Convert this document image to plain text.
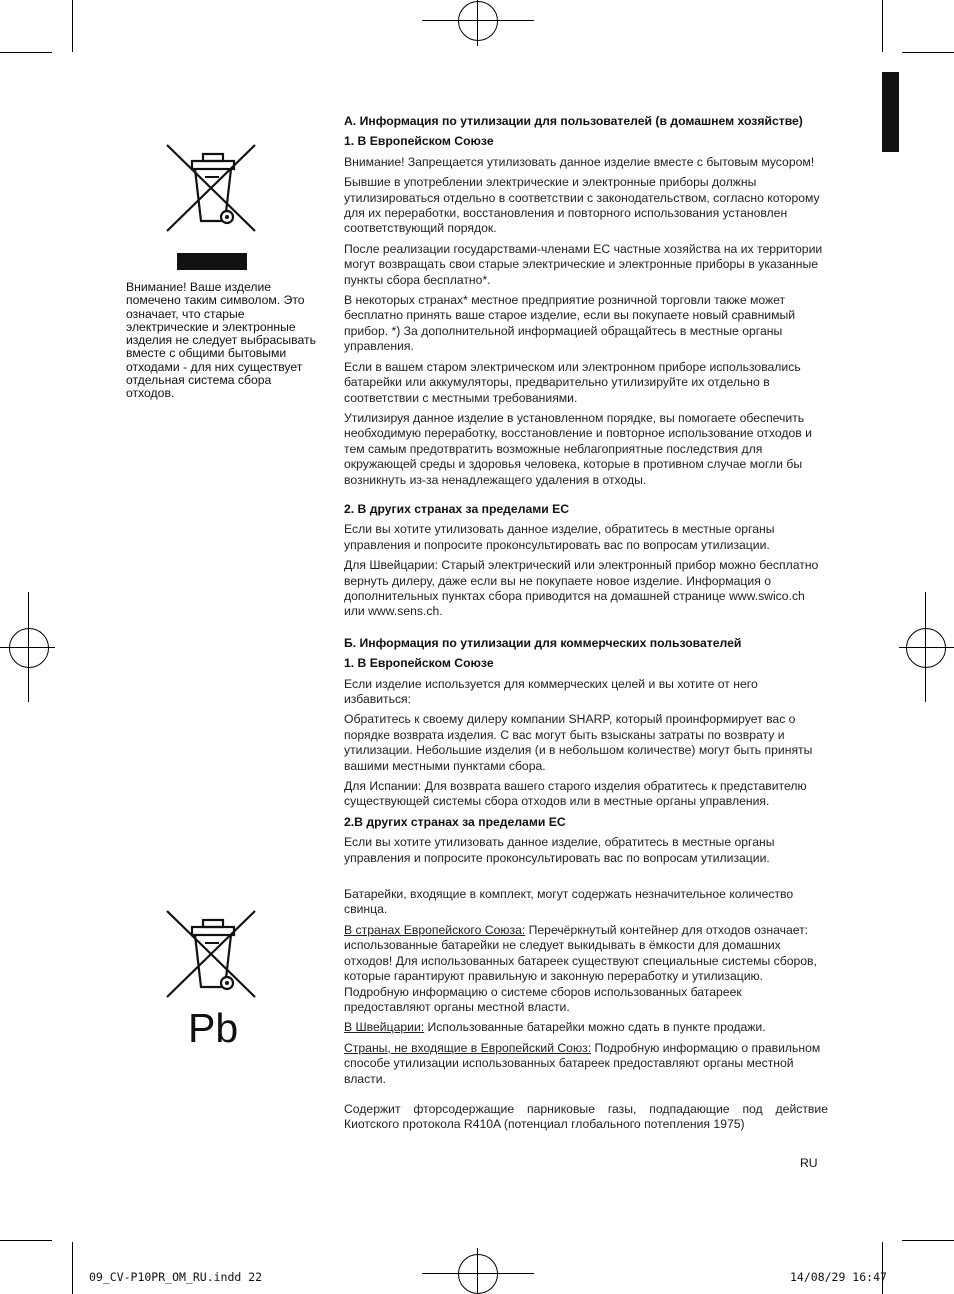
Внимание! Ваше изделие помечено таким символом. Это означает, что старые электрические и электронные изделия не следует выбрасывать вместе с общими бытовыми отходами - для них существует отдельная система сбора отходов.
Pb
А. Информация по утилизации для пользователей (в домашнем хозяйстве)
1. В Европейском Союзе

Внимание! Запрещается утилизовать данное изделие вместе с бытовым мусором!

Бывшие в употреблении электрические и электронные приборы должны утилизироваться отдельно в соответствии с законодательством, согласно которому для их переработки, восстановления и повторного использования установлен соответствующий порядок.

После реализации государствами-членами ЕС частные хозяйства на их территории могут возвращать свои старые электрические и электронные приборы в указанные пункты сбора бесплатно*.

В некоторых странах* местное предприятие розничной торговли также может бесплатно принять ваше старое изделие, если вы покупаете новый сравнимый прибор. *) За дополнительной информацией обращайтесь в местные органы управления.

Если в вашем старом электрическом или электронном приборе использовались батарейки или аккумуляторы, предварительно утилизируйте их отдельно в соответствии с местными требованиями.

Утилизируя данное изделие в установленном порядке, вы помогаете обеспечить необходимую переработку, восстановление и повторное использование отходов и тем самым предотвратить возможные неблагоприятные последствия для окружающей среды и здоровья человека, которые в противном случае могли бы возникнуть из-за ненадлежащего удаления в отходы.

2. В других странах за пределами ЕС

Если вы хотите утилизовать данное изделие, обратитесь в местные органы управления и попросите проконсультировать вас по вопросам утилизации.

Для Швейцарии: Старый электрический или электронный прибор можно бесплатно вернуть дилеру, даже если вы не покупаете новое изделие. Информация о дополнительных пунктах сбора приводится на домашней странице www.swico.ch или www.sens.ch.

Б. Информация по утилизации для коммерческих пользователей
1. В Европейском Союзе

Если изделие используется для коммерческих целей и вы хотите от него избавиться:

Обратитесь к своему дилеру компании SHARP, который проинформирует вас о порядке возврата изделия. С вас могут быть взысканы затраты по возврату и утилизации. Небольшие изделия (и в небольшом количестве) могут быть приняты вашими местными пунктами сбора.

Для Испании: Для возврата вашего старого изделия обратитесь к представителю существующей системы сбора отходов или в местные органы управления.

2.В других странах за пределами ЕС

Если вы хотите утилизовать данное изделие, обратитесь в местные органы управления и попросите проконсультировать вас по вопросам утилизации.

Батарейки, входящие в комплект, могут содержать незначительное количество свинца.

В странах Европейского Союза: Перечёркнутый контейнер для отходов означает: использованные батарейки не следует выкидывать в ёмкости для домашних отходов! Для использованных батареек существуют специальные системы сборов, которые гарантируют правильную и законную переработку и утилизацию. Подробную информацию о системе сборов использованных батареек предоставляют органы местной власти.

В Швейцарии: Использованные батарейки можно сдать в пункте продажи.

Страны, не входящие в Европейский Союз: Подробную информацию о правильном способе утилизации использованных батареек предоставляют органы местной власти.

Содержит фторсодержащие парниковые газы, подпадающие под действие Киотского протокола R410A (потенциал глобального потепления 1975)

RU
09_CV-P10PR_OM_RU.indd 22	14/08/29 16:47
